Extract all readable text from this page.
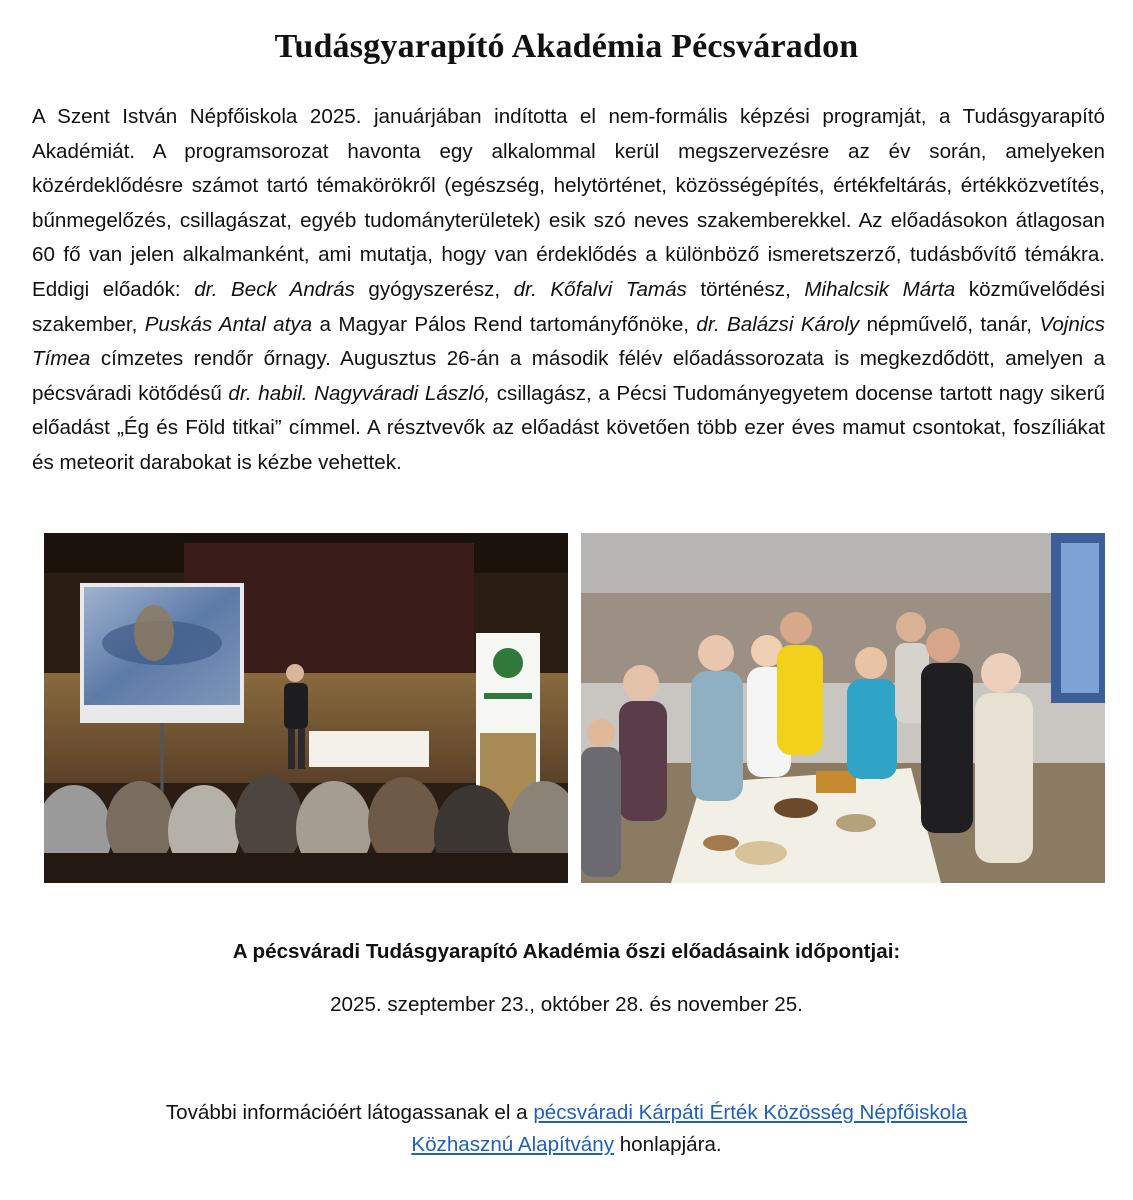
Tudásgyarapító Akadémia Pécsváradon

A Szent István Népfőiskola 2025. januárjában indította el nem-formális képzési programját, a Tudásgyarapító Akadémiát. A programsorozat havonta egy alkalommal kerül megszervezésre az év során, amelyeken közérdeklődésre számot tartó témakörökről (egészség, helytörténet, közösségépítés, értékfeltárás, értékközvetítés, bűnmegelőzés, csillagászat, egyéb tudományterületek) esik szó neves szakemberekkel. Az előadásokon átlagosan 60 fő van jelen alkalmanként, ami mutatja, hogy van érdeklődés a különböző ismeretszerző, tudásbővítő témákra. Eddigi előadók: dr. Beck András gyógyszerész, dr. Kőfalvi Tamás történész, Mihalcsik Márta közművelődési szakember, Puskás Antal atya a Magyar Pálos Rend tartományfőnöke, dr. Balázsi Károly népművelő, tanár, Vojnics Tímea címzetes rendőr őrnagy. Augusztus 26-án a második félév előadássorozata is megkezdődött, amelyen a pécsváradi kötődésű dr. habil. Nagyváradi László, csillagász, a Pécsi Tudományegyetem docense tartott nagy sikerű előadást „Ég és Föld titkai” címmel. A résztvevők az előadást követően több ezer éves mamut csontokat, foszíliákat és meteorit darabokat is kézbe vehettek.

A pécsváradi Tudásgyarapító Akadémia őszi előadásaink időpontjai:
2025. szeptember 23., október 28. és november 25.
További információért látogassanak el a pécsváradi Kárpáti Érték Közösség Népfőiskola
Közhasznú Alapítvány honlapjára.
